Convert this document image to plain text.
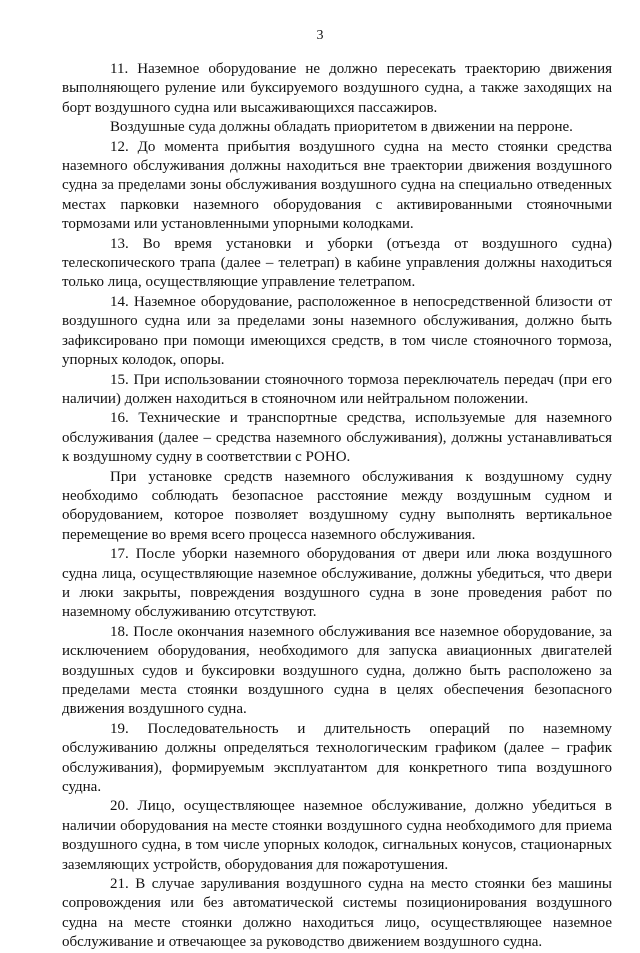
3

11. Наземное оборудование не должно пересекать траекторию движения выполняющего руление или буксируемого воздушного судна, а также заходящих на борт воздушного судна или высаживающихся пассажиров.

Воздушные суда должны обладать приоритетом в движении на перроне.

12. До момента прибытия воздушного судна на место стоянки средства наземного обслуживания должны находиться вне траектории движения воздушного судна за пределами зоны обслуживания воздушного судна на специально отведенных местах парковки наземного оборудования с активированными стояночными тормозами или установленными упорными колодками.

13. Во время установки и уборки (отъезда от воздушного судна) телескопического трапа (далее – телетрап) в кабине управления должны находиться только лица, осуществляющие управление телетрапом.

14. Наземное оборудование, расположенное в непосредственной близости от воздушного судна или за пределами зоны наземного обслуживания, должно быть зафиксировано при помощи имеющихся средств, в том числе стояночного тормоза, упорных колодок, опоры.

15. При использовании стояночного тормоза переключатель передач (при его наличии) должен находиться в стояночном или нейтральном положении.

16. Технические и транспортные средства, используемые для наземного обслуживания (далее – средства наземного обслуживания), должны устанавливаться к воздушному судну в соответствии с РОНО.

При установке средств наземного обслуживания к воздушному судну необходимо соблюдать безопасное расстояние между воздушным судном и оборудованием, которое позволяет воздушному судну выполнять вертикальное перемещение во время всего процесса наземного обслуживания.

17. После уборки наземного оборудования от двери или люка воздушного судна лица, осуществляющие наземное обслуживание, должны убедиться, что двери и люки закрыты, повреждения воздушного судна в зоне проведения работ по наземному обслуживанию отсутствуют.

18. После окончания наземного обслуживания все наземное оборудование, за исключением оборудования, необходимого для запуска авиационных двигателей воздушных судов и буксировки воздушного судна, должно быть расположено за пределами места стоянки воздушного судна в целях обеспечения безопасного движения воздушного судна.

19. Последовательность и длительность операций по наземному обслуживанию должны определяться технологическим графиком (далее – график обслуживания), формируемым эксплуатантом для конкретного типа воздушного судна.

20. Лицо, осуществляющее наземное обслуживание, должно убедиться в наличии оборудования на месте стоянки воздушного судна необходимого для приема воздушного судна, в том числе упорных колодок, сигнальных конусов, стационарных заземляющих устройств, оборудования для пожаротушения.

21. В случае заруливания воздушного судна на место стоянки без машины сопровождения или без автоматической системы позиционирования воздушного судна на месте стоянки должно находиться лицо, осуществляющее наземное обслуживание и отвечающее за руководство движением воздушного судна.
